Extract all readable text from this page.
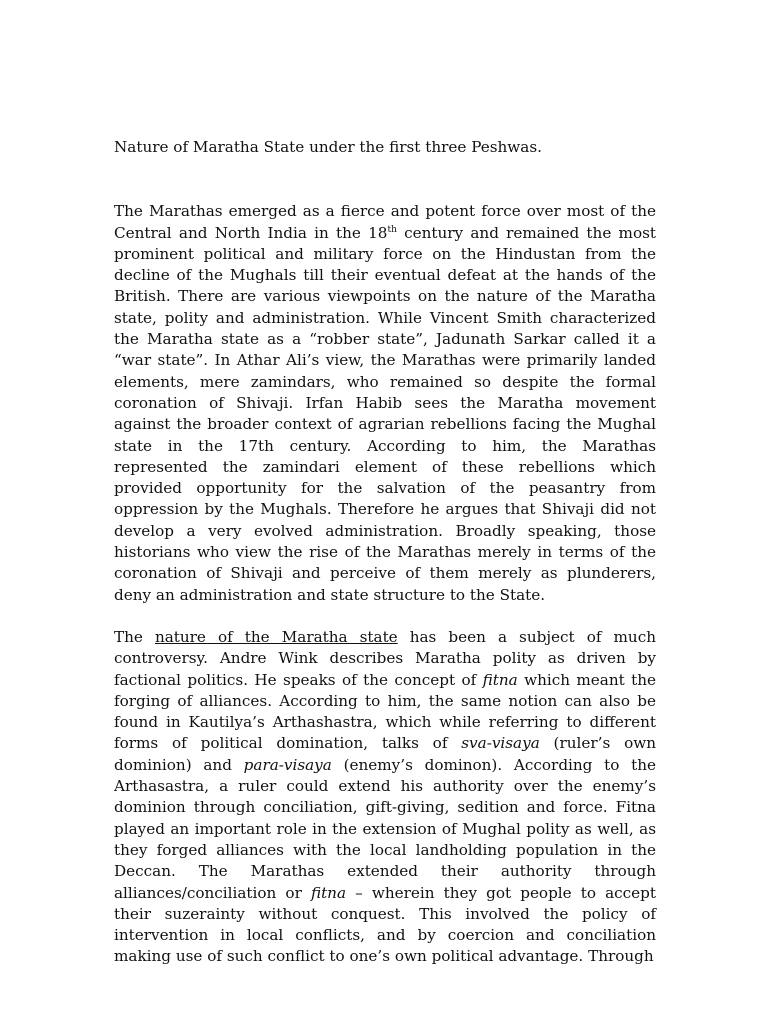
Nature of Maratha State under the first three Peshwas.

The Marathas emerged as a fierce and potent force over most of the Central and North India in the 18th century and remained the most prominent political and military force on the Hindustan from the decline of the Mughals till their eventual defeat at the hands of the British. There are various viewpoints on the nature of the Maratha state, polity and administration. While Vincent Smith characterized the Maratha state as a “robber state”, Jadunath Sarkar called it a “war state”. In Athar Ali’s view, the Marathas were primarily landed elements, mere zamindars, who remained so despite the formal coronation of Shivaji. Irfan Habib sees the Maratha movement against the broader context of agrarian rebellions facing the Mughal state in the 17th century. According to him, the Marathas represented the zamindari element of these rebellions which provided opportunity for the salvation of the peasantry from oppression by the Mughals. Therefore he argues that Shivaji did not develop a very evolved administration. Broadly speaking, those historians who view the rise of the Marathas merely in terms of the coronation of Shivaji and perceive of them merely as plunderers, deny an administration and state structure to the State.

The nature of the Maratha state has been a subject of much controversy. Andre Wink describes Maratha polity as driven by factional politics. He speaks of the concept of fitna which meant the forging of alliances. According to him, the same notion can also be found in Kautilya’s Arthashastra, which while referring to different forms of political domination, talks of sva-visaya (ruler’s own dominion) and para-visaya (enemy’s dominon). According to the Arthasastra, a ruler could extend his authority over the enemy’s dominion through conciliation, gift-giving, sedition and force. Fitna played an important role in the extension of Mughal polity as well, as they forged alliances with the local landholding population in the Deccan. The Marathas extended their authority through alliances/conciliation or fitna – wherein they got people to accept their suzerainty without conquest. This involved the policy of intervention in local conflicts, and by coercion and conciliation making use of such conflict to one’s own political advantage. Through
